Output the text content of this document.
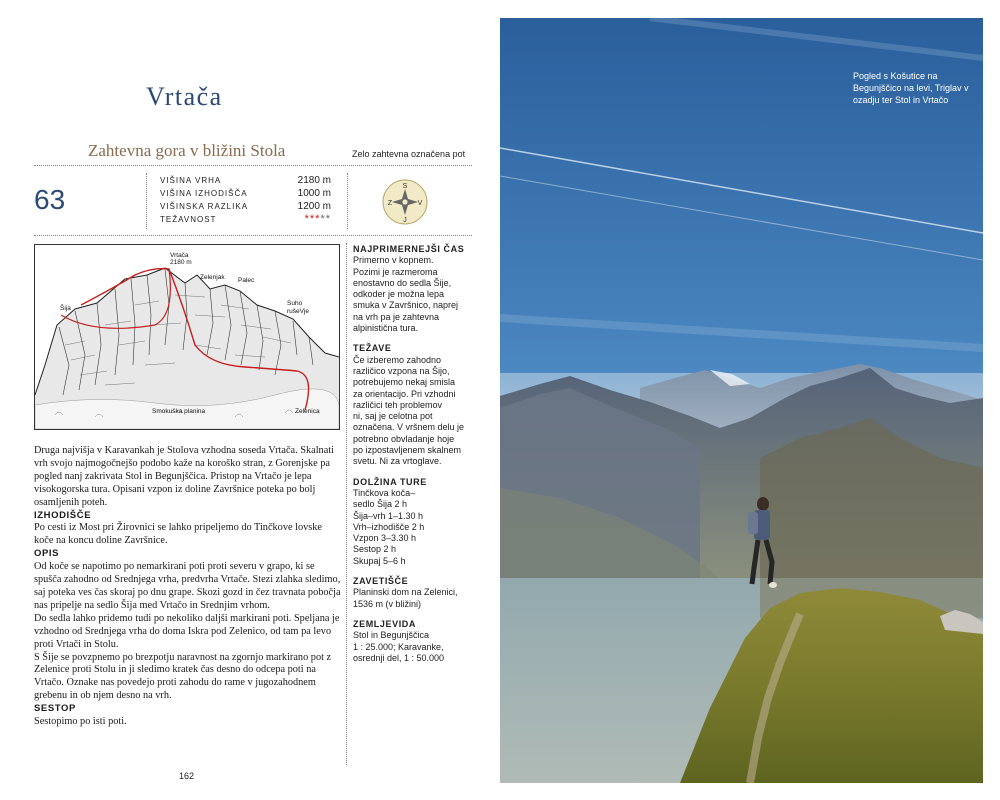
Vrtača
Zahtevna gora v bližini Stola	Zelo zahtevna označena pot
63
VIŠINA VRHA	2180 m
VIŠINA IZHODIŠČA	1000 m
VIŠINSKA RAZLIKA	1200 m
TEŽAVNOST	*****
S
Z	V
J
Vrtača
2180 m
Zelenjak Palec
Suho
rušeVje
Šija
Smokuška planina	Zelenica

Druga najvišja v Karavankah je Stolova vzhodna soseda Vrtača. Skalnati vrh svojo najmogočnejšo podobo kaže na koroško stran, z Gorenjske pa pogled nanj zakrivata Stol in Begunjščica. Pristop na Vrtačo je lepa visokogorska tura. Opisani vzpon iz doline Završnice poteka po bolj osamljenih poteh.

IZHODIŠČE

Po cesti iz Most pri Žirovnici se lahko pripeljemo do Tinčkove lovske koče na koncu doline Završnice.

OPIS

Od koče se napotimo po nemarkirani poti proti severu v grapo, ki se spušča zahodno od Srednjega vrha, predvrha Vrtače. Stezi zlahka sledimo, saj poteka ves čas skoraj po dnu grape. Skozi gozd in čez travnata pobočja nas pripelje na sedlo Šija med Vrtačo in Srednjim vrhom.

Do sedla lahko pridemo tudi po nekoliko daljši markirani poti. Speljana je vzhodno od Srednjega vrha do doma Iskra pod Zelenico, od tam pa levo proti Vrtači in Stolu.

S Šije se povzpnemo po brezpotju naravnost na zgornjo markirano pot z Zelenice proti Stolu in ji sledimo kratek čas desno do odcepa poti na Vrtačo. Oznake nas povedejo proti zahodu do rame v jugozahodnem grebenu in ob njem desno na vrh.

SESTOP

Sestopimo po isti poti.

NAJPRIMERNEJŠI ČAS
Primerno v kopnem.
Pozimi je razmeroma
enostavno do sedla Šije,
odkoder je možna lepa
smuka v Završnico, naprej
na vrh pa je zahtevna
alpinistična tura.
TEŽAVE
Če izberemo zahodno
različico vzpona na Šijo,
potrebujemo nekaj smisla
za orientacijo. Pri vzhodni
različici teh problemov
ni, saj je celotna pot
označena. V vršnem delu je
potrebno obvladanje hoje
po izpostavljenem skalnem
svetu. Ni za vrtoglave.
DOLŽINA TURE
Tinčkova koča–
sedlo Šija 2 h
Šija–vrh 1–1.30 h
Vrh–izhodišče 2 h
Vzpon 3–3.30 h
Sestop 2 h
Skupaj 5–6 h
ZAVETIŠČE
Planinski dom na Zelenici,
1536 m (v bližini)
ZEMLJEVIDA
Stol in Begunjščica
1 : 25.000; Karavanke,
osrednji del, 1 : 50.000
162
Pogled s Košutice na Begunjščico na levi, Triglav v ozadju ter Stol in Vrtačo
